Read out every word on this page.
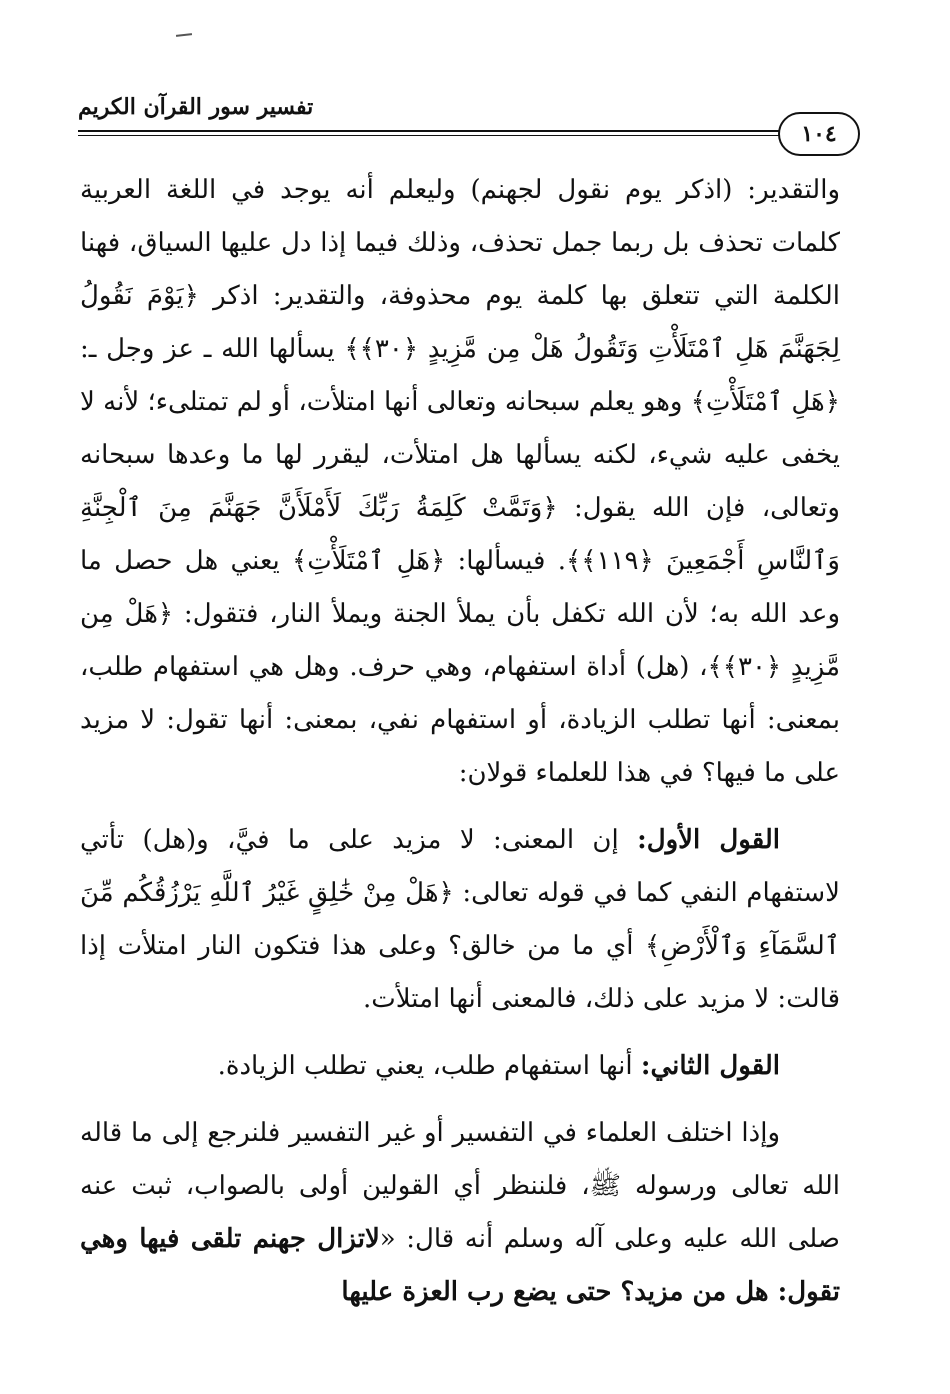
تفسير سور القرآن الكريم
١٠٤

والتقدير: (اذكر يوم نقول لجهنم) وليعلم أنه يوجد في اللغة العربية كلمات تحذف بل ربما جمل تحذف، وذلك فيما إذا دل عليها السياق، فهنا الكلمة التي تتعلق بها كلمة يوم محذوفة، والتقدير: اذكر ﴿يَوْمَ نَقُولُ لِجَهَنَّمَ هَلِ ٱمْتَلَأْتِ وَتَقُولُ هَلْ مِن مَّزِيدٍ ﴿٣٠﴾﴾ يسألها الله ـ عز وجل ـ: ﴿هَلِ ٱمْتَلَأْتِ﴾ وهو يعلم سبحانه وتعالى أنها امتلأت، أو لم تمتلىء؛ لأنه لا يخفى عليه شيء، لكنه يسألها هل امتلأت، ليقرر لها ما وعدها سبحانه وتعالى، فإن الله يقول: ﴿وَتَمَّتْ كَلِمَةُ رَبِّكَ لَأَمْلَأَنَّ جَهَنَّمَ مِنَ ٱلْجِنَّةِ وَٱلنَّاسِ أَجْمَعِينَ ﴿١١٩﴾﴾. فيسألها: ﴿هَلِ ٱمْتَلَأْتِ﴾ يعني هل حصل ما وعد الله به؛ لأن الله تكفل بأن يملأ الجنة ويملأ النار، فتقول: ﴿هَلْ مِن مَّزِيدٍ ﴿٣٠﴾﴾، (هل) أداة استفهام، وهي حرف. وهل هي استفهام طلب، بمعنى: أنها تطلب الزيادة، أو استفهام نفي، بمعنى: أنها تقول: لا مزيد على ما فيها؟ في هذا للعلماء قولان:

القول الأول: إن المعنى: لا مزيد على ما فيَّ، و(هل) تأتي لاستفهام النفي كما في قوله تعالى: ﴿هَلْ مِنْ خَٰلِقٍ غَيْرُ ٱللَّهِ يَرْزُقُكُم مِّنَ ٱلسَّمَآءِ وَٱلْأَرْضِ﴾ أي ما من خالق؟ وعلى هذا فتكون النار امتلأت إذا قالت: لا مزيد على ذلك، فالمعنى أنها امتلأت.

القول الثاني: أنها استفهام طلب، يعني تطلب الزيادة.

وإذا اختلف العلماء في التفسير أو غير التفسير فلنرجع إلى ما قاله الله تعالى ورسوله ﷺ، فلننظر أي القولين أولى بالصواب، ثبت عنه صلى الله عليه وعلى آله وسلم أنه قال: «لاتزال جهنم تلقى فيها وهي تقول: هل من مزيد؟ حتى يضع رب العزة عليها
